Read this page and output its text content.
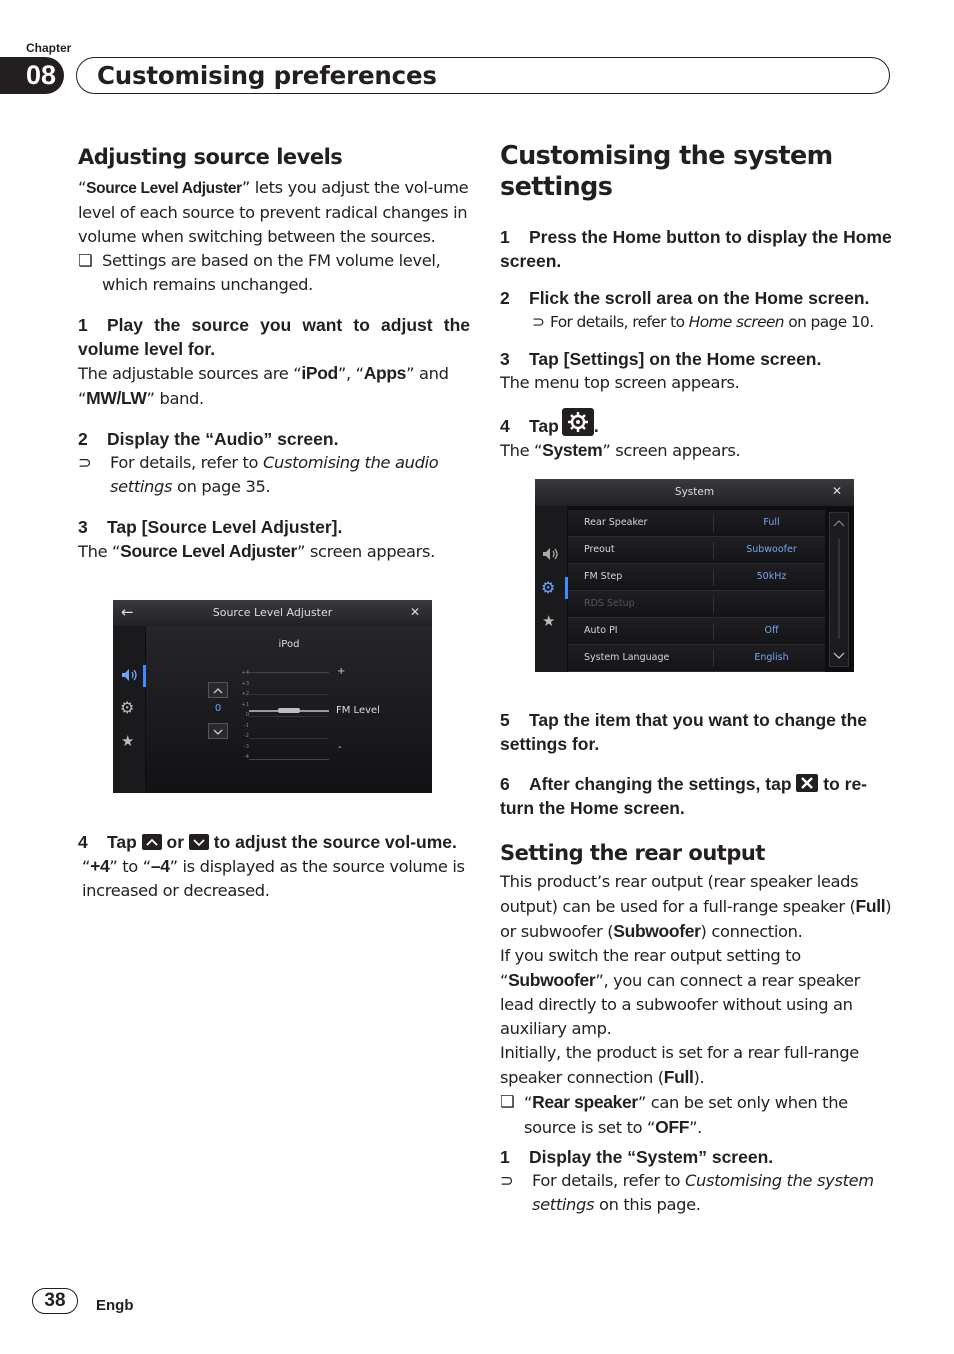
Chapter
08	Customising preferences
Adjusting source levels
“Source Level Adjuster” lets you adjust the vol-ume level of each source to prevent radical changes in volume when switching between the sources.
❏ Settings are based on the FM volume level, which remains unchanged.
1 Play the source you want to adjust the volume level for.
The adjustable sources are “iPod”, “Apps” and “MW/LW” band.
2 Display the “Audio” screen.
⊃ For details, refer to Customising the audio settings on page 35.
3 Tap [Source Level Adjuster].
The “Source Level Adjuster” screen appears.
←	Source Level Adjuster	✕
⚙
★
iPod
0
+4
+3
+2
+1
0
-1
-2
-3
-4
+
FM Level
-
4 Tap
or
to adjust the source vol-ume.
“+4” to “–4” is displayed as the source volume is increased or decreased.
Customising the system settings
1 Press the Home button to display the Home screen.
2 Flick the scroll area on the Home screen.
⊃ For details, refer to Home screen on page 10.
3 Tap [Settings] on the Home screen.
The menu top screen appears.
4 Tap .
The “System” screen appears.
System	✕
⚙
★
Rear Speaker	Full
Preout	Subwoofer
FM Step	50kHz
RDS Setup
Auto PI	Off
System Language	English
5 Tap the item that you want to change the settings for.
6 After changing the settings, tap
to re-turn the Home screen.
Setting the rear output
This product’s rear output (rear speaker leads output) can be used for a full-range speaker (Full) or subwoofer (Subwoofer) connection.
If you switch the rear output setting to “Subwoofer”, you can connect a rear speaker lead directly to a subwoofer without using an auxiliary amp.
Initially, the product is set for a rear full-range speaker connection (Full).
❏ “Rear speaker” can be set only when the source is set to “OFF”.
1 Display the “System” screen.
⊃ For details, refer to Customising the system settings on this page.
38	Engb
